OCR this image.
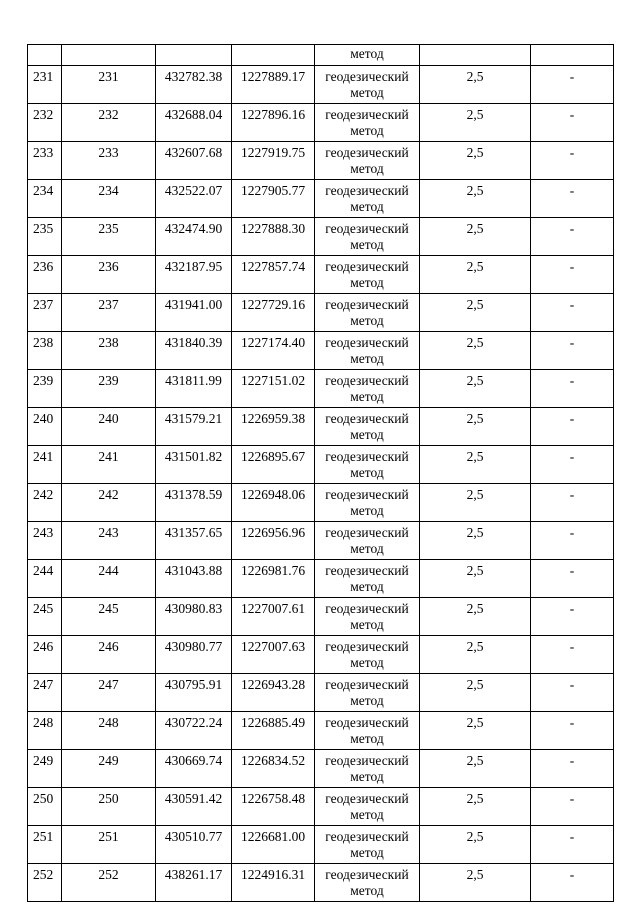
				метод		
231	231	432782.38	1227889.17	геодезический
метод	2,5	-
232	232	432688.04	1227896.16	геодезический
метод	2,5	-
233	233	432607.68	1227919.75	геодезический
метод	2,5	-
234	234	432522.07	1227905.77	геодезический
метод	2,5	-
235	235	432474.90	1227888.30	геодезический
метод	2,5	-
236	236	432187.95	1227857.74	геодезический
метод	2,5	-
237	237	431941.00	1227729.16	геодезический
метод	2,5	-
238	238	431840.39	1227174.40	геодезический
метод	2,5	-
239	239	431811.99	1227151.02	геодезический
метод	2,5	-
240	240	431579.21	1226959.38	геодезический
метод	2,5	-
241	241	431501.82	1226895.67	геодезический
метод	2,5	-
242	242	431378.59	1226948.06	геодезический
метод	2,5	-
243	243	431357.65	1226956.96	геодезический
метод	2,5	-
244	244	431043.88	1226981.76	геодезический
метод	2,5	-
245	245	430980.83	1227007.61	геодезический
метод	2,5	-
246	246	430980.77	1227007.63	геодезический
метод	2,5	-
247	247	430795.91	1226943.28	геодезический
метод	2,5	-
248	248	430722.24	1226885.49	геодезический
метод	2,5	-
249	249	430669.74	1226834.52	геодезический
метод	2,5	-
250	250	430591.42	1226758.48	геодезический
метод	2,5	-
251	251	430510.77	1226681.00	геодезический
метод	2,5	-
252	252	438261.17	1224916.31	геодезический
метод	2,5	-
